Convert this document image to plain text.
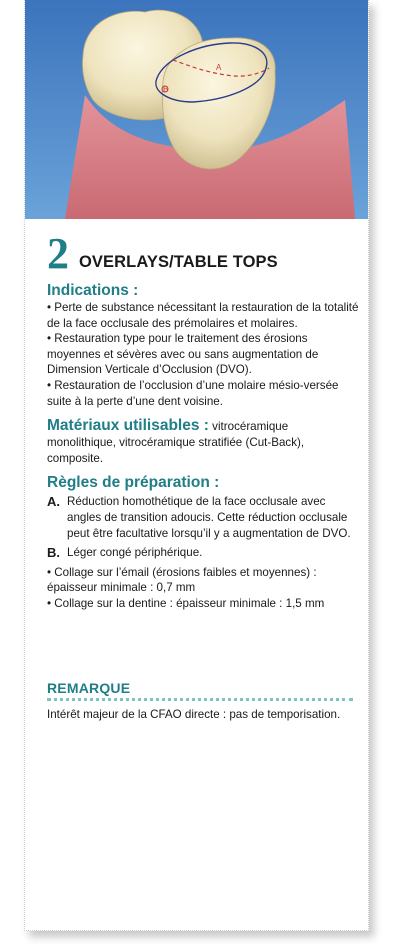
A
B
2 OVERLAYS/TABLE TOPS
Indications :

• Perte de substance nécessitant la restauration de la totalité de la face occlusale des prémolaires et molaires.

• Restauration type pour le traitement des érosions moyennes et sévères avec ou sans augmentation de Dimension Verticale d’Occlusion (DVO).

• Restauration de l’occlusion d’une molaire mésio-versée suite à la perte d’une dent voisine.

Matériaux utilisables : vitrocéramique monolithique, vitrocéramique stratifiée (Cut-Back), composite.
Règles de préparation :
A. Réduction homothétique de la face occlusale avec angles de transition adoucis. Cette réduction occlusale peut être facultative lorsqu’il y a augmentation de DVO.
B. Léger congé périphérique.

• Collage sur l’émail (érosions faibles et moyennes) : épaisseur minimale : 0,7 mm

• Collage sur la dentine : épaisseur minimale : 1,5 mm

REMARQUE
Intérêt majeur de la CFAO directe : pas de temporisation.
